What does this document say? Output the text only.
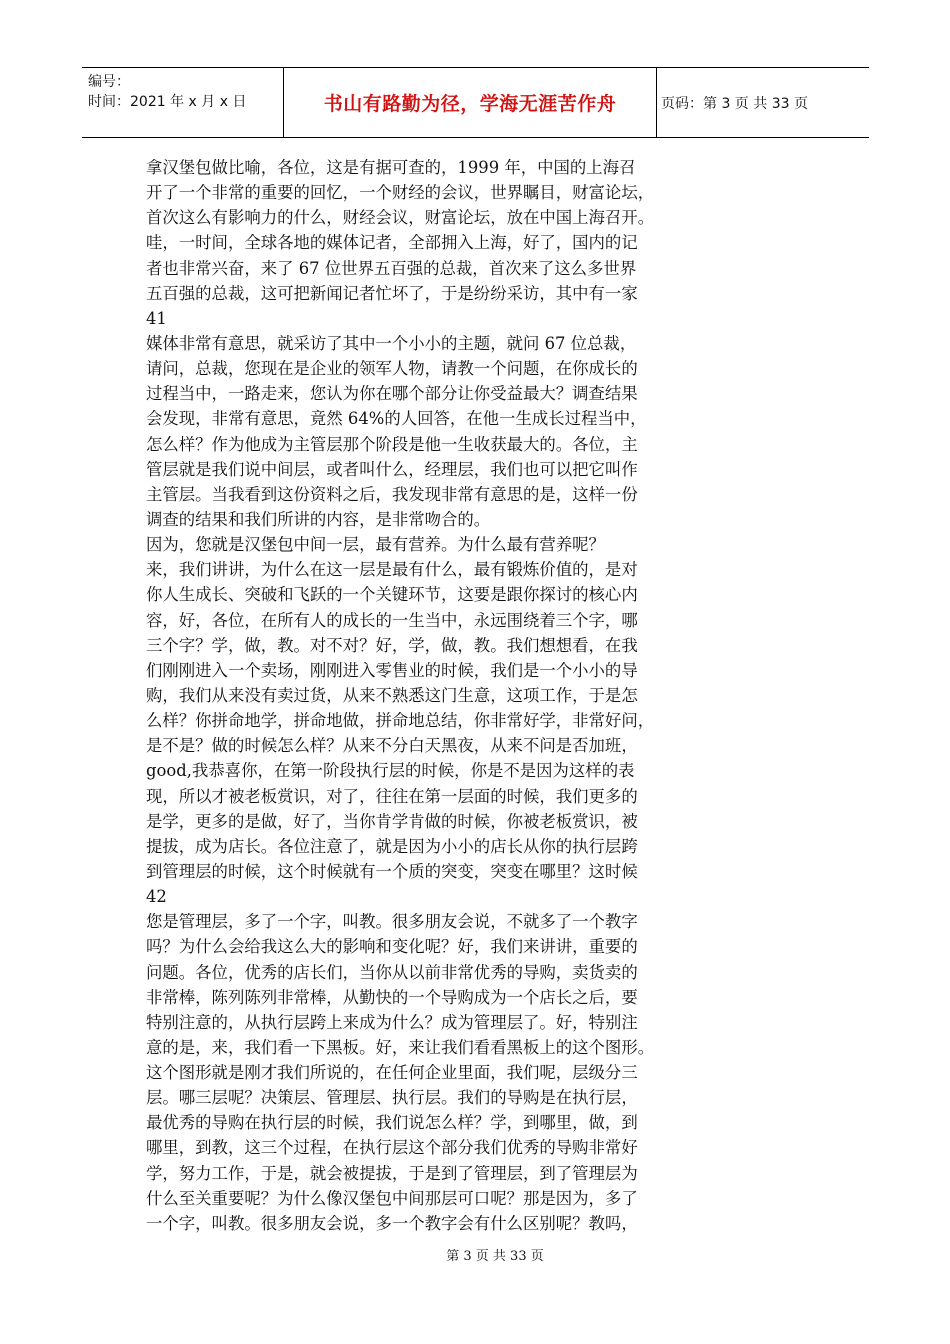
编号：
时间：2021 年 x 月 x 日	书山有路勤为径，学海无涯苦作舟	页码：第 3 页 共 33 页
拿汉堡包做比喻，各位，这是有据可查的，1999 年，中国的上海召
开了一个非常的重要的回忆，一个财经的会议，世界瞩目，财富论坛，
首次这么有影响力的什么，财经会议，财富论坛，放在中国上海召开。
哇，一时间，全球各地的媒体记者，全部拥入上海，好了，国内的记
者也非常兴奋，来了 67 位世界五百强的总裁，首次来了这么多世界
五百强的总裁，这可把新闻记者忙坏了，于是纷纷采访，其中有一家
41
媒体非常有意思，就采访了其中一个小小的主题，就问 67 位总裁，
请问，总裁，您现在是企业的领军人物，请教一个问题，在你成长的
过程当中，一路走来，您认为你在哪个部分让你受益最大？调查结果
会发现，非常有意思，竟然 64%的人回答，在他一生成长过程当中，
怎么样？作为他成为主管层那个阶段是他一生收获最大的。各位，主
管层就是我们说中间层，或者叫什么，经理层，我们也可以把它叫作
主管层。当我看到这份资料之后，我发现非常有意思的是，这样一份
调查的结果和我们所讲的内容，是非常吻合的。
因为，您就是汉堡包中间一层，最有营养。为什么最有营养呢？
来，我们讲讲，为什么在这一层是最有什么，最有锻炼价值的，是对
你人生成长、突破和飞跃的一个关键环节，这要是跟你探讨的核心内
容，好，各位，在所有人的成长的一生当中，永远围绕着三个字，哪
三个字？学，做，教。对不对？好，学，做，教。我们想想看，在我
们刚刚进入一个卖场，刚刚进入零售业的时候，我们是一个小小的导
购，我们从来没有卖过货，从来不熟悉这门生意，这项工作，于是怎
么样？你拼命地学，拼命地做，拼命地总结，你非常好学，非常好问，
是不是？做的时候怎么样？从来不分白天黑夜，从来不问是否加班，
good,我恭喜你，在第一阶段执行层的时候，你是不是因为这样的表
现，所以才被老板赏识，对了，往往在第一层面的时候，我们更多的
是学，更多的是做，好了，当你肯学肯做的时候，你被老板赏识，被
提拔，成为店长。各位注意了，就是因为小小的店长从你的执行层跨
到管理层的时候，这个时候就有一个质的突变，突变在哪里？这时候
42
您是管理层，多了一个字，叫教。很多朋友会说，不就多了一个教字
吗？为什么会给我这么大的影响和变化呢？好，我们来讲讲，重要的
问题。各位，优秀的店长们，当你从以前非常优秀的导购，卖货卖的
非常棒，陈列陈列非常棒，从勤快的一个导购成为一个店长之后，要
特别注意的，从执行层跨上来成为什么？成为管理层了。好，特别注
意的是，来，我们看一下黑板。好，来让我们看看黑板上的这个图形。
这个图形就是刚才我们所说的，在任何企业里面，我们呢，层级分三
层。哪三层呢？决策层、管理层、执行层。我们的导购是在执行层，
最优秀的导购在执行层的时候，我们说怎么样？学，到哪里，做，到
哪里，到教，这三个过程，在执行层这个部分我们优秀的导购非常好
学，努力工作，于是，就会被提拔，于是到了管理层，到了管理层为
什么至关重要呢？为什么像汉堡包中间那层可口呢？那是因为，多了
一个字，叫教。很多朋友会说，多一个教字会有什么区别呢？教吗，
第 3 页 共 33 页
